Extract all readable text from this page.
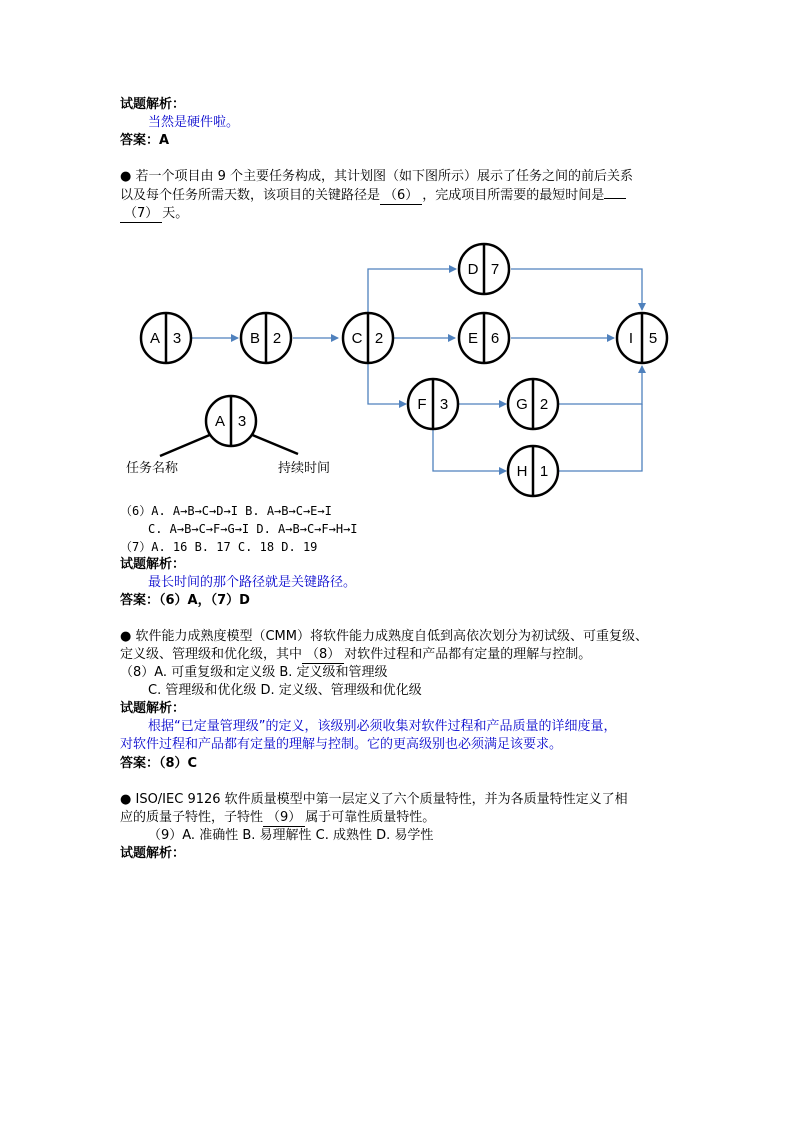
试题解析：
当然是硬件啦。
答案：A
● 若一个项目由 9 个主要任务构成，其计划图（如下图所示）展示了任务之间的前后关系
以及每个任务所需天数，该项目的关键路径是 （6） ，完成项目所需要的最短时间是
（7） 天。
A 3	B 2	C 2
D 7
E 6	I 5
F 3	G 2
H 1
A 3
任务名称	持续时间
（6）A. A→B→C→D→I B. A→B→C→E→I
C. A→B→C→F→G→I D. A→B→C→F→H→I
（7）A. 16 B. 17 C. 18 D. 19
试题解析：
最长时间的那个路径就是关键路径。
答案：（6）A，（7）D
● 软件能力成熟度模型（CMM）将软件能力成熟度自低到高依次划分为初试级、可重复级、
定义级、管理级和优化级，其中 （8） 对软件过程和产品都有定量的理解与控制。
（8）A. 可重复级和定义级 B. 定义级和管理级
C. 管理级和优化级 D. 定义级、管理级和优化级
试题解析：
根据“已定量管理级”的定义，该级别必须收集对软件过程和产品质量的详细度量，
对软件过程和产品都有定量的理解与控制。它的更高级别也必须满足该要求。
答案：（8）C
● ISO/IEC 9126 软件质量模型中第一层定义了六个质量特性，并为各质量特性定义了相
应的质量子特性，子特性 （9） 属于可靠性质量特性。
（9）A. 准确性 B. 易理解性 C. 成熟性 D. 易学性
试题解析：
